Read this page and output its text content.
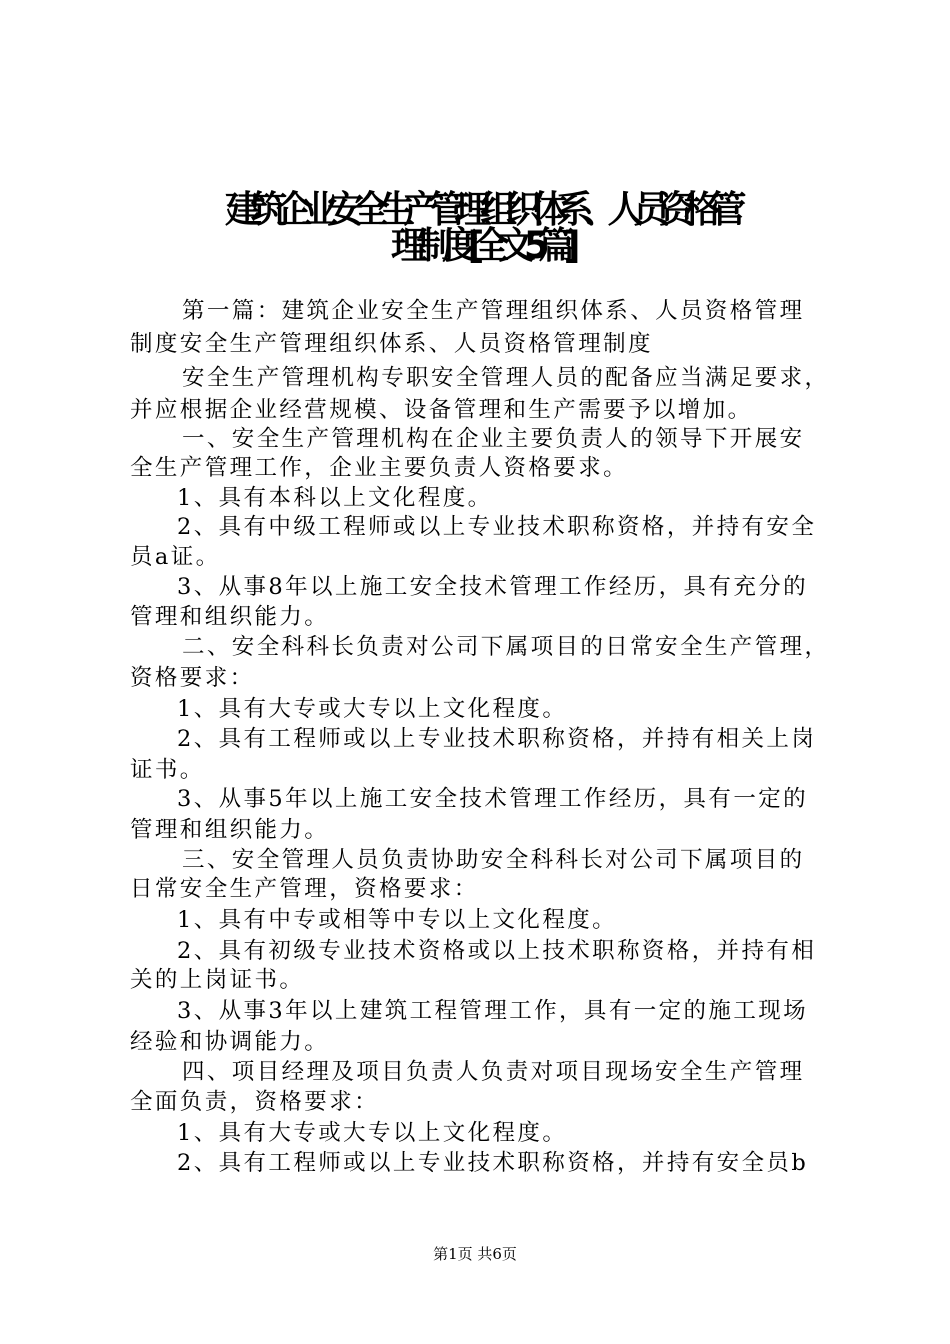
建筑企业安全生产管理组织体系、人员资格管
理制度[全文5篇]
第一篇：建筑企业安全生产管理组织体系、人员资格管理
制度安全生产管理组织体系、人员资格管理制度
安全生产管理机构专职安全管理人员的配备应当满足要求，
并应根据企业经营规模、设备管理和生产需要予以增加。
一、安全生产管理机构在企业主要负责人的领导下开展安
全生产管理工作，企业主要负责人资格要求。
1、具有本科以上文化程度。
2、具有中级工程师或以上专业技术职称资格，并持有安全
员a证。
3、从事8年以上施工安全技术管理工作经历，具有充分的
管理和组织能力。
二、安全科科长负责对公司下属项目的日常安全生产管理，
资格要求：
1、具有大专或大专以上文化程度。
2、具有工程师或以上专业技术职称资格，并持有相关上岗
证书。
3、从事5年以上施工安全技术管理工作经历，具有一定的
管理和组织能力。
三、安全管理人员负责协助安全科科长对公司下属项目的
日常安全生产管理，资格要求：
1、具有中专或相等中专以上文化程度。
2、具有初级专业技术资格或以上技术职称资格，并持有相
关的上岗证书。
3、从事3年以上建筑工程管理工作，具有一定的施工现场
经验和协调能力。
四、项目经理及项目负责人负责对项目现场安全生产管理
全面负责，资格要求：
1、具有大专或大专以上文化程度。
2、具有工程师或以上专业技术职称资格，并持有安全员b
第1页 共6页
